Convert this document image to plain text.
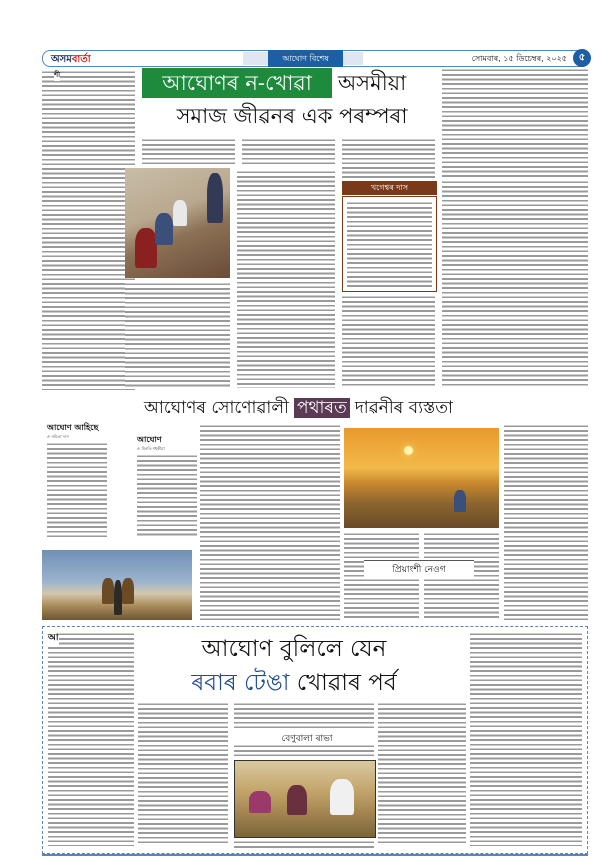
অসমবাৰ্তা	আঘোণ বিশেষ	সোমবাৰ, ১৫ ডিচেম্বৰ, ২০২৫	৫
শী	আঘোণৰ ন-খোৱা	অসমীয়া
সমাজ জীৱনৰ এক পৰম্পৰা
খগেশ্বৰ দাস
আঘোণৰ সোণোৱালী পথাৰত দাৱনীৰ ব্যস্ততা
আঘোণ আহিছে
✍ নমিতা দাস	আঘোণ
✍ মিনতি শইকীয়া
প্ৰিয়াংশী নেওগ
আ	আঘোণ বুলিলে যেন
ৰবাৰ টেঙা খোৱাৰ পৰ্ব
বেণুবালা ৰাভা
